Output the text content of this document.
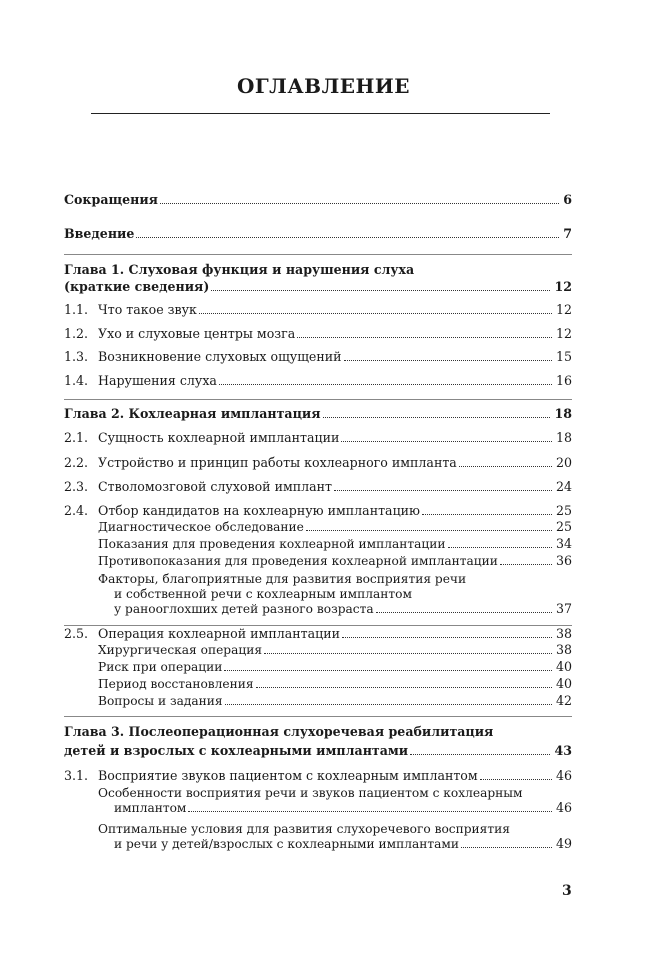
ОГЛАВЛЕНИЕ
Сокращения	6
Введение	7
Глава 1. Слуховая функция и нарушения слуха
(краткие сведения)	12
1.1. Что такое звук	12
1.2. Ухо и слуховые центры мозга	12
1.3. Возникновение слуховых ощущений	15
1.4. Нарушения слуха	16
Глава 2. Кохлеарная имплантация	18
2.1. Сущность кохлеарной имплантации	18
2.2. Устройство и принцип работы кохлеарного импланта	20
2.3. Стволомозговой слуховой имплант	24
2.4. Отбор кандидатов на кохлеарную имплантацию	25
Диагностическое обследование	25
Показания для проведения кохлеарной имплантации	34
Противопоказания для проведения кохлеарной имплантации	36
Факторы, благоприятные для развития восприятия речи
и собственной речи с кохлеарным имплантом
у раноoглохших детей разного возраста	37
2.5. Операция кохлеарной имплантации	38
Хирургическая операция	38
Риск при операции	40
Период восстановления	40
Вопросы и задания	42
Глава 3. Послеоперационная слухоречевая реабилитация
детей и взрослых с кохлеарными имплантами	43
3.1. Восприятие звуков пациентом с кохлеарным имплантом	46
Особенности восприятия речи и звуков пациентом с кохлеарным
имплантом	46
Оптимальные условия для развития слухоречевого восприятия
и речи у детей/взрослых с кохлеарными имплантами	49
3
